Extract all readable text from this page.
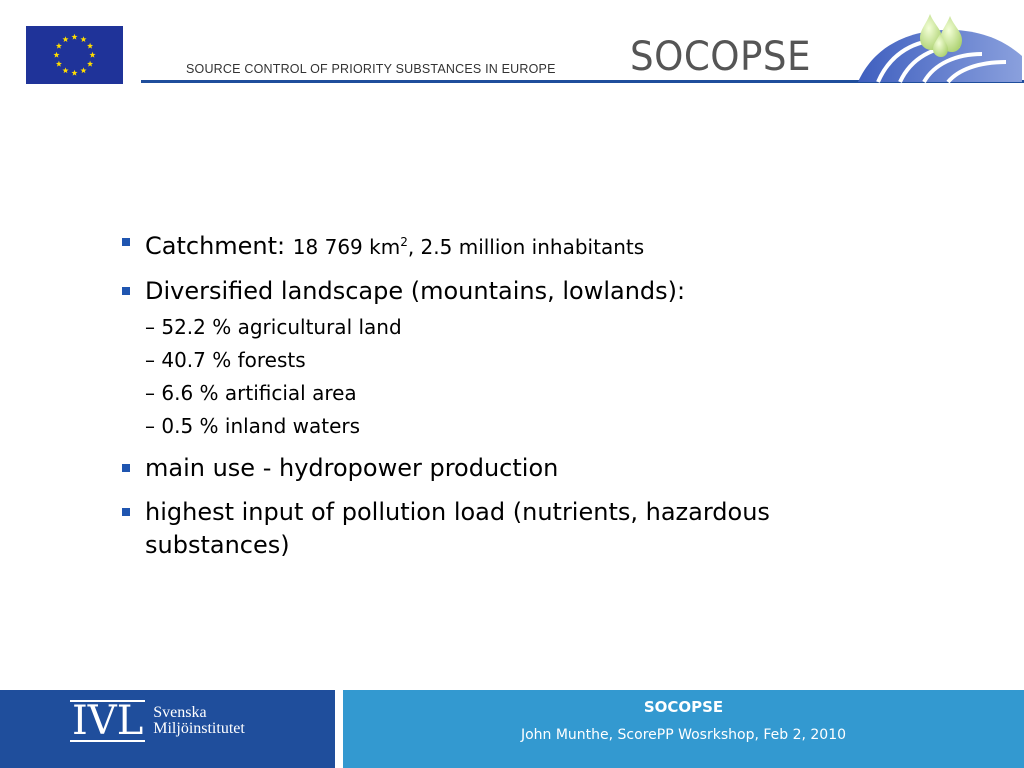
SOURCE CONTROL OF PRIORITY SUBSTANCES IN EUROPE SOCOPSE
Catchment: 18 769 $km^2$, 2.5 million inhabitants
Diversified landscape (mountains, lowlands):
– 52.2 % agricultural land
– 40.7 % forests
– 6.6 % artificial area
– 0.5 % inland waters
main use - hydropower production
highest input of pollution load (nutrients, hazardous substances)
IVL Svenska
Miljöinstitutet
SOCOPSE
John Munthe, ScorePP Wosrkshop, Feb 2, 2010
